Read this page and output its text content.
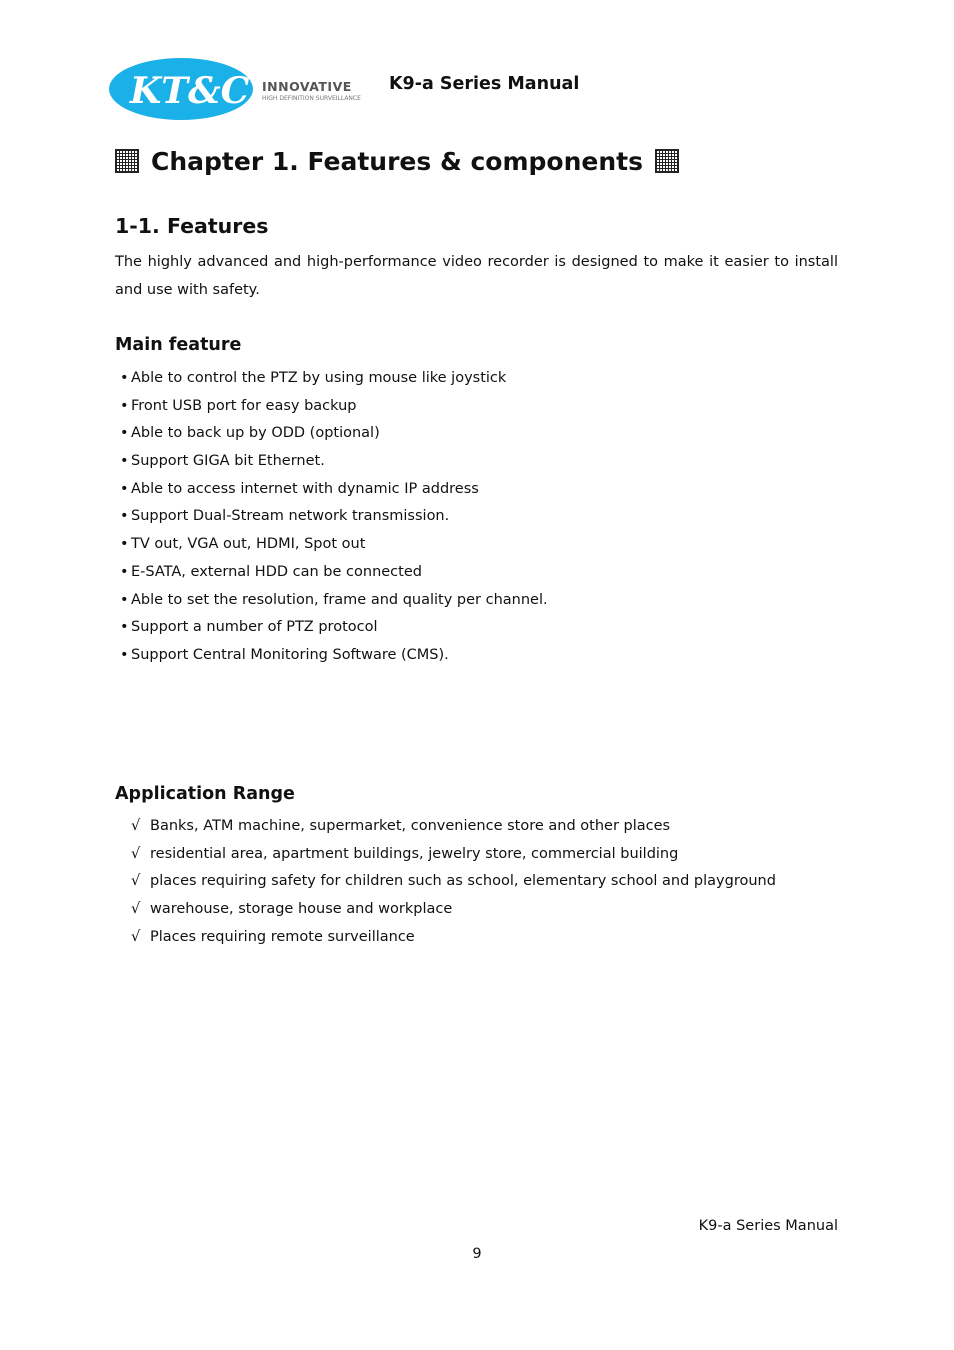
KT&C INNOVATIVE
HIGH DEFINITION SURVEILLANCE
K9-a Series Manual
Chapter 1. Features & components
1-1. Features

The highly advanced and high-performance video recorder is designed to make it easier to install and use with safety.

Main feature
• Able to control the PTZ by using mouse like joystick
• Front USB port for easy backup
• Able to back up by ODD (optional)
• Support GIGA bit Ethernet.
• Able to access internet with dynamic IP address
• Support Dual-Stream network transmission.
• TV out, VGA out, HDMI, Spot out
• E-SATA, external HDD can be connected
• Able to set the resolution, frame and quality per channel.
• Support a number of PTZ protocol
• Support Central Monitoring Software (CMS).
Application Range
√ Banks, ATM machine, supermarket, convenience store and other places
√ residential area, apartment buildings, jewelry store, commercial building
√ places requiring safety for children such as school, elementary school and playground
√ warehouse, storage house and workplace
√ Places requiring remote surveillance
K9-a Series Manual
9
